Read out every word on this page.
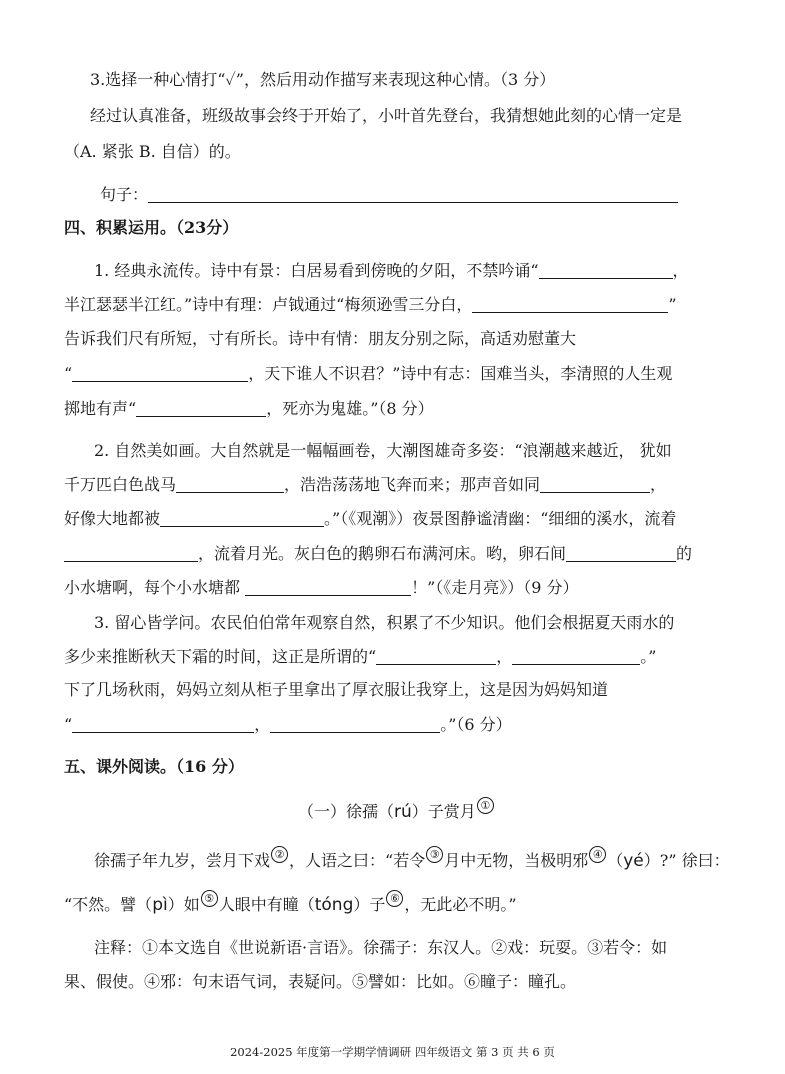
3.选择一种心情打“✓”，然后用动作描写来表现这种心情。（3 分）
经过认真准备，班级故事会终于开始了，小叶首先登台，我猜想她此刻的心情一定是
（A. 紧张 B. 自信）的。
句子：
四、积累运用。（23分）
1. 经典永流传。诗中有景：白居易看到傍晚的夕阳，不禁吟诵“	，
半江瑟瑟半江红。”诗中有理：卢钺通过“梅须逊雪三分白，	”
告诉我们尺有所短，寸有所长。诗中有情：朋友分别之际，高适劝慰董大
“	，天下谁人不识君？”诗中有志：国难当头，李清照的人生观
掷地有声“	，死亦为鬼雄。”（8 分）
2. 自然美如画。大自然就是一幅幅画卷，大潮图雄奇多姿：“浪潮越来越近， 犹如
千万匹白色战马	，浩浩荡荡地飞奔而来；那声音如同	，
好像大地都被	。”（《观潮》）夜景图静谧清幽：“细细的溪水，流着
，流着月光。灰白色的鹅卵石布满河床。哟，卵石间	的
小水塘啊，每个小水塘都	！”（《走月亮》）（9 分）
3. 留心皆学问。农民伯伯常年观察自然，积累了不少知识。他们会根据夏天雨水的
多少来推断秋天下霜的时间，这正是所谓的“	，	。”
下了几场秋雨，妈妈立刻从柜子里拿出了厚衣服让我穿上，这是因为妈妈知道
“	，	。”（6 分）
五、课外阅读。（16 分）
（一）徐孺（rú）子赏月 ①
徐孺子年九岁，尝月下戏 ② ，人语之曰：“若令 ③ 月中无物，当极明邪 ④ （yé）?” 徐曰：
“不然。譬（pì）如 ⑤ 人眼中有瞳（tóng）子 ⑥ ，无此必不明。”
注释：①本文选自《世说新语·言语》。徐孺子：东汉人。②戏：玩耍。③若令：如
果、假使。④邪：句末语气词，表疑问。⑤譬如：比如。⑥瞳子：瞳孔。
2024-2025 年度第一学期学情调研 四年级语文 第 3 页 共 6 页
